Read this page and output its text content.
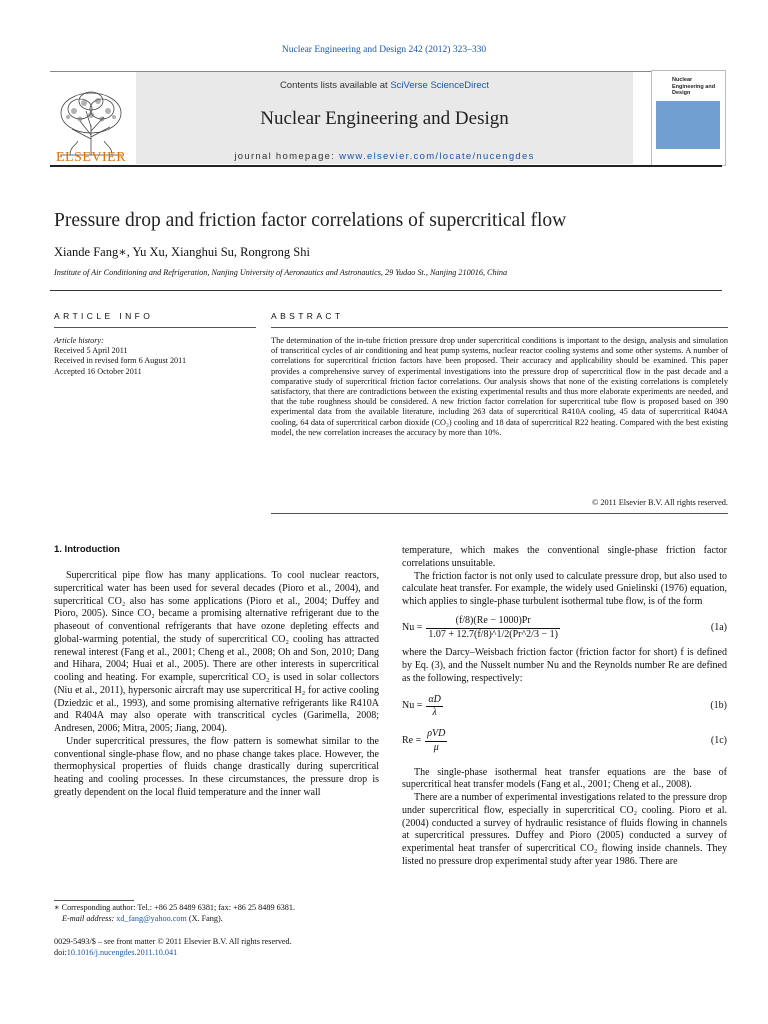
Nuclear Engineering and Design 242 (2012) 323–330
ELSEVIER
Contents lists available at SciVerse ScienceDirect
Nuclear Engineering and Design
journal homepage: www.elsevier.com/locate/nucengdes
Nuclear Engineering and Design
Pressure drop and friction factor correlations of supercritical flow
Xiande Fang∗, Yu Xu, Xianghui Su, Rongrong Shi
Institute of Air Conditioning and Refrigeration, Nanjing University of Aeronautics and Astronautics, 29 Yudao St., Nanjing 210016, China
ARTICLE INFO	ABSTRACT
Article history:
Received 5 April 2011
Received in revised form 6 August 2011
Accepted 16 October 2011
The determination of the in-tube friction pressure drop under supercritical conditions is important to the design, analysis and simulation of transcritical cycles of air conditioning and heat pump systems, nuclear reactor cooling systems and some other systems. A number of correlations for supercritical friction factors have been proposed. Their accuracy and applicability should be examined. This paper provides a comprehensive survey of experimental investigations into the pressure drop of supercritical flow in the past decade and a comparative study of supercritical friction factor correlations. Our analysis shows that none of the existing correlations is completely satisfactory, that there are contradictions between the existing experimental results and thus more elaborate experiments are needed, and that the tube roughness should be considered. A new friction factor correlation for supercritical tube flow is proposed based on 390 experimental data from the available literature, including 263 data of supercritical R410A cooling, 45 data of supercritical R404A cooling, 64 data of supercritical carbon dioxide (CO₂) cooling and 18 data of supercritical R22 heating. Compared with the best existing model, the new correlation increases the accuracy by more than 10%.
© 2011 Elsevier B.V. All rights reserved.
1. Introduction

Supercritical pipe flow has many applications. To cool nuclear reactors, supercritical water has been used for several decades (Pioro et al., 2004), and supercritical CO₂ also has some applications (Pioro et al., 2004; Duffey and Pioro, 2005). Since CO₂ became a promising alternative refrigerant due to the phaseout of conventional refrigerants that have ozone depleting effects and global-warming potential, the study of supercritical CO₂ cooling has attracted renewal interest (Fang et al., 2001; Cheng et al., 2008; Oh and Son, 2010; Dang and Hihara, 2004; Huai et al., 2005). There are other interests in supercritical cooling and heating. For example, supercritical CO₂ is used in solar collectors (Niu et al., 2011), hypersonic aircraft may use supercritical H₂ for active cooling (Dziedzic et al., 1993), and some promising alternative refrigerants like R410A and R404A may also operate with transcritical cycles (Garimella, 2008; Andresen, 2006; Mitra, 2005; Jiang, 2004).

Under supercritical pressures, the flow pattern is somewhat similar to the conventional single-phase flow, and no phase change takes place. However, the thermophysical properties of fluids change drastically during supercritical heating and cooling processes. In these circumstances, the pressure drop is greatly dependent on the local fluid temperature and the inner wall

temperature, which makes the conventional single-phase friction factor correlations unsuitable.

The friction factor is not only used to calculate pressure drop, but also used to calculate heat transfer. For example, the widely used Gnielinski (1976) equation, which applies to single-phase turbulent isothermal tube flow, is of the form

$Nu = \frac{(f/8)(Re - 1000)Pr}{1.07 + 12.7(f/8)\^{}1/2(Pr\^{}2/3 - 1)}$	(1a)

where the Darcy–Weisbach friction factor (friction factor for short) f is defined by Eq. (3), and the Nusselt number Nu and the Reynolds number Re are defined as the following, respectively:

$Nu = \frac{\alpha D}{\lambda}$	(1b)
$Re = \frac{\text{ρVD}}{\mu}$	(1c)

The single-phase isothermal heat transfer equations are the base of supercritical heat transfer models (Fang et al., 2001; Cheng et al., 2008).

There are a number of experimental investigations related to the pressure drop under supercritical flow, especially in supercritical CO₂ cooling. Pioro et al. (2004) conducted a survey of hydraulic resistance of fluids flowing in channels at supercritical pressures. Duffey and Pioro (2005) conducted a survey of experimental heat transfer of supercritical CO₂ flowing inside channels. They listed no pressure drop experimental study after year 1986. There are

∗ Corresponding author: Tel.: +86 25 8489 6381; fax: +86 25 8489 6381.
E-mail address: xd_fang@yahoo.com (X. Fang).
0029-5493/$ – see front matter © 2011 Elsevier B.V. All rights reserved.
doi:10.1016/j.nucengdes.2011.10.041
